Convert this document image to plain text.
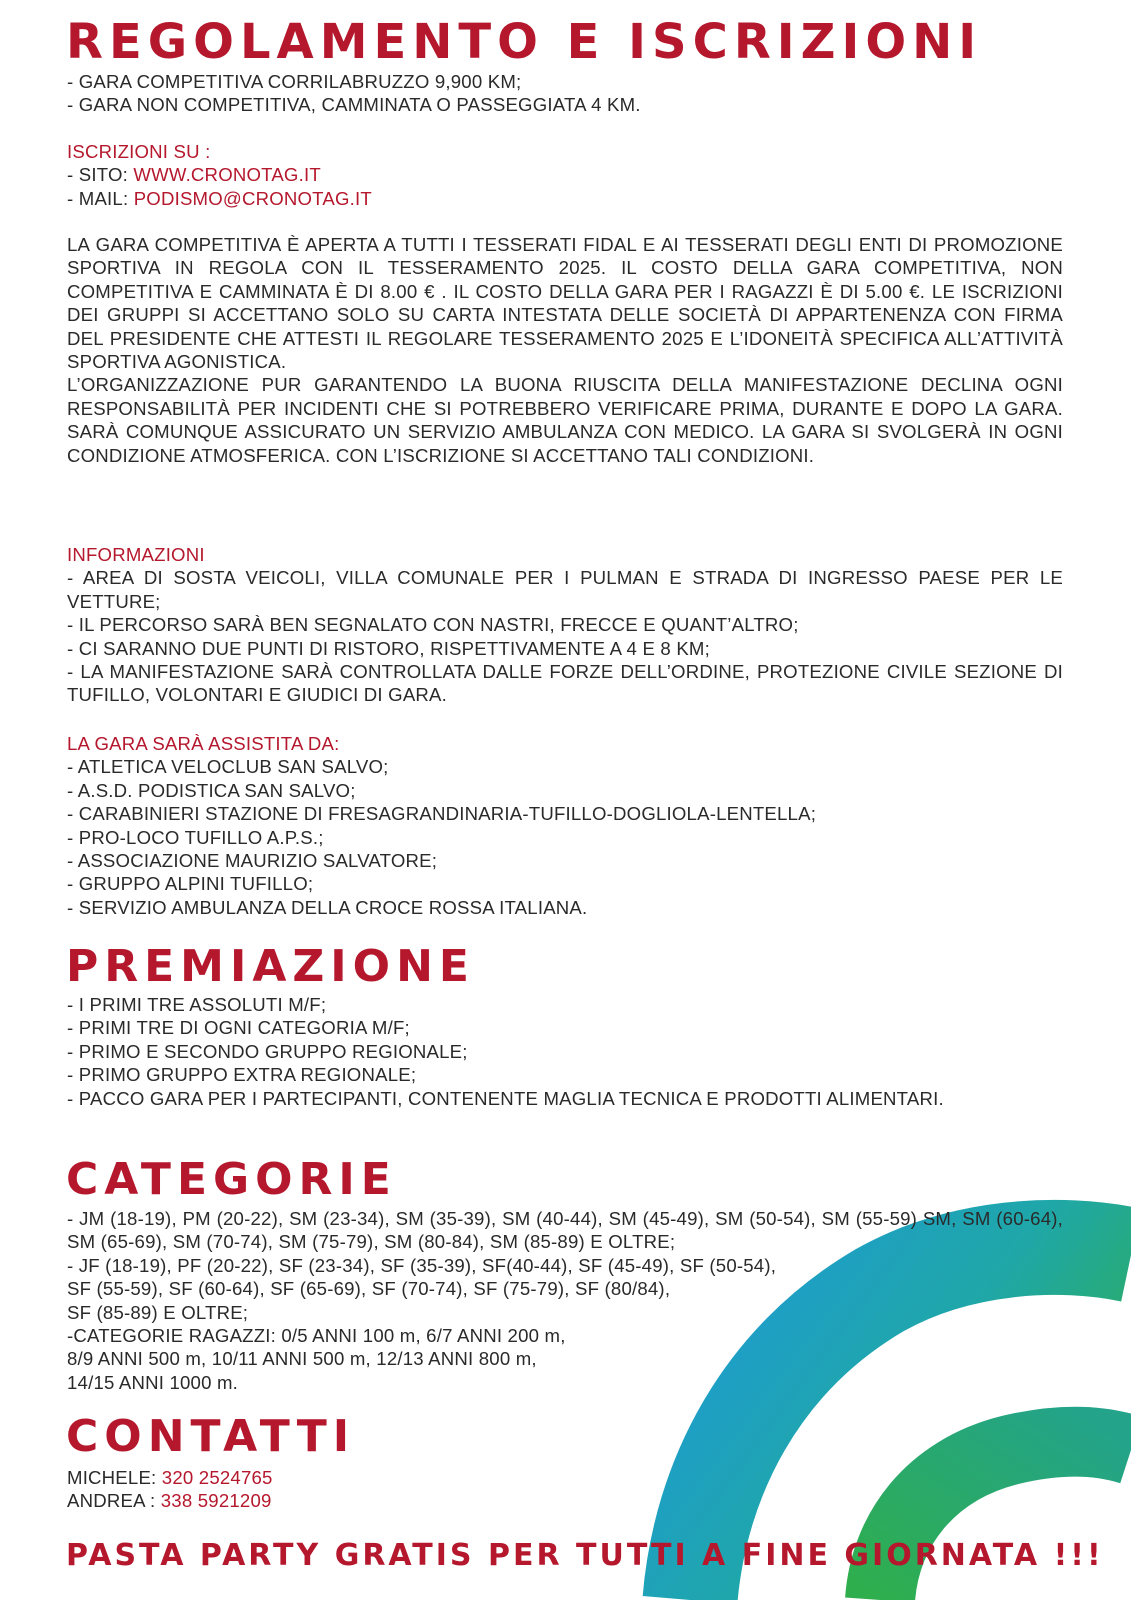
REGOLAMENTO E ISCRIZIONI

- GARA COMPETITIVA CORRILABRUZZO 9,900 KM;

- GARA NON COMPETITIVA, CAMMINATA O PASSEGGIATA 4 KM.

ISCRIZIONI SU :

- SITO: WWW.CRONOTAG.IT

- MAIL: PODISMO@CRONOTAG.IT

LA GARA COMPETITIVA È APERTA A TUTTI I TESSERATI FIDAL E AI TESSERATI DEGLI ENTI DI PROMOZIONE SPORTIVA IN REGOLA CON IL TESSERAMENTO 2025. IL COSTO DELLA GARA COMPETITIVA, NON COMPETITIVA E CAMMINATA È DI 8.00 € . IL COSTO DELLA GARA PER I RAGAZZI È DI 5.00 €. LE ISCRIZIONI DEI GRUPPI SI ACCETTANO SOLO SU CARTA INTESTATA DELLE SOCIETÀ DI APPARTENENZA CON FIRMA DEL PRESIDENTE CHE ATTESTI IL REGOLARE TESSERAMENTO 2025 E L’IDONEITÀ SPECIFICA ALL’ATTIVITÀ SPORTIVA AGONISTICA.

L’ORGANIZZAZIONE PUR GARANTENDO LA BUONA RIUSCITA DELLA MANIFESTAZIONE DECLINA OGNI RESPONSABILITÀ PER INCIDENTI CHE SI POTREBBERO VERIFICARE PRIMA, DURANTE E DOPO LA GARA. SARÀ COMUNQUE ASSICURATO UN SERVIZIO AMBULANZA CON MEDICO. LA GARA SI SVOLGERÀ IN OGNI CONDIZIONE ATMOSFERICA. CON L’ISCRIZIONE SI ACCETTANO TALI CONDIZIONI.

INFORMAZIONI

- AREA DI SOSTA VEICOLI, VILLA COMUNALE PER I PULMAN E STRADA DI INGRESSO PAESE PER LE VETTURE;

- IL PERCORSO SARÀ BEN SEGNALATO CON NASTRI, FRECCE E QUANT’ALTRO;

- CI SARANNO DUE PUNTI DI RISTORO, RISPETTIVAMENTE A 4 E 8 KM;

- LA MANIFESTAZIONE SARÀ CONTROLLATA DALLE FORZE DELL’ORDINE, PROTEZIONE CIVILE SEZIONE DI TUFILLO, VOLONTARI E GIUDICI DI GARA.

LA GARA SARÀ ASSISTITA DA:

- ATLETICA VELOCLUB SAN SALVO;

- A.S.D. PODISTICA SAN SALVO;

- CARABINIERI STAZIONE DI FRESAGRANDINARIA-TUFILLO-DOGLIOLA-LENTELLA;

- PRO-LOCO TUFILLO A.P.S.;

- ASSOCIAZIONE MAURIZIO SALVATORE;

- GRUPPO ALPINI TUFILLO;

- SERVIZIO AMBULANZA DELLA CROCE ROSSA ITALIANA.

PREMIAZIONE

- I PRIMI TRE ASSOLUTI M/F;

- PRIMI TRE DI OGNI CATEGORIA M/F;

- PRIMO E SECONDO GRUPPO REGIONALE;

- PRIMO GRUPPO EXTRA REGIONALE;

- PACCO GARA PER I PARTECIPANTI, CONTENENTE MAGLIA TECNICA E PRODOTTI ALIMENTARI.

CATEGORIE

- JM (18-19), PM (20-22), SM (23-34), SM (35-39), SM (40-44), SM (45-49), SM (50-54), SM (55-59) SM, SM (60-64), SM (65-69), SM (70-74), SM (75-79), SM (80-84), SM (85-89) E OLTRE;

- JF (18-19), PF (20-22), SF (23-34), SF (35-39), SF(40-44), SF (45-49), SF (50-54),

SF (55-59), SF (60-64), SF (65-69), SF (70-74), SF (75-79), SF (80/84),

SF (85-89) E OLTRE;

-CATEGORIE RAGAZZI: 0/5 ANNI 100 m, 6/7 ANNI 200 m,

8/9 ANNI 500 m, 10/11 ANNI 500 m, 12/13 ANNI 800 m,

14/15 ANNI 1000 m.

CONTATTI

MICHELE: 320 2524765

ANDREA : 338 5921209

PASTA PARTY GRATIS PER TUTTI A FINE GIORNATA !!!
